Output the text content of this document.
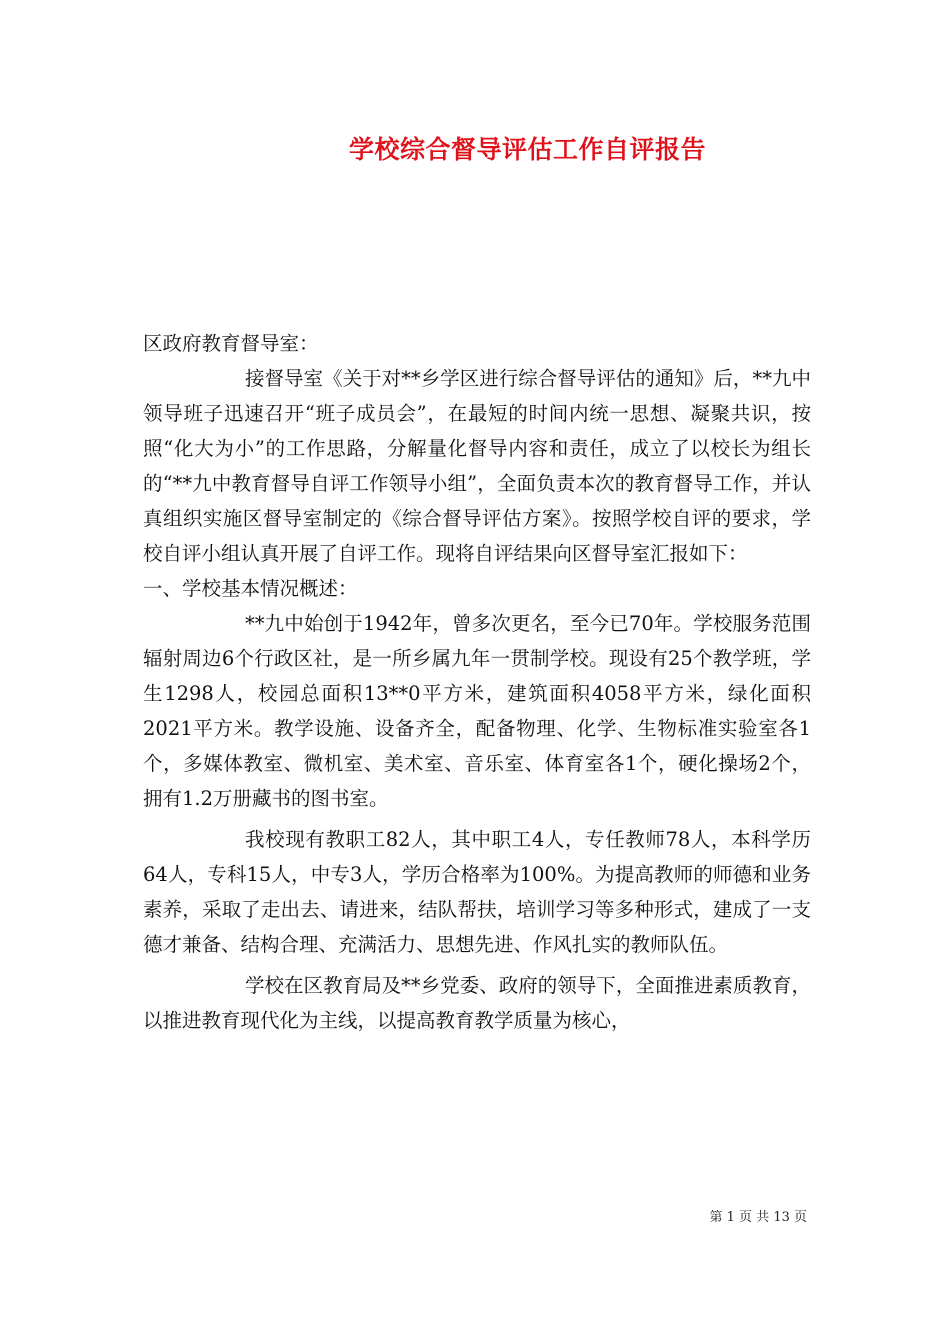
学校综合督导评估工作自评报告

区政府教育督导室：

接督导室《关于对**乡学区进行综合督导评估的通知》后，**九中领导班子迅速召开“班子成员会”，在最短的时间内统一思想、凝聚共识，按照“化大为小”的工作思路，分解量化督导内容和责任，成立了以校长为组长的“**九中教育督导自评工作领导小组”，全面负责本次的教育督导工作，并认真组织实施区督导室制定的《综合督导评估方案》。按照学校自评的要求，学校自评小组认真开展了自评工作。现将自评结果向区督导室汇报如下：

一、学校基本情况概述：

**九中始创于1942年，曾多次更名，至今已70年。学校服务范围辐射周边6个行政区社，是一所乡属九年一贯制学校。现设有25个教学班，学生1298人，校园总面积13**0平方米，建筑面积4058平方米，绿化面积2021平方米。教学设施、设备齐全，配备物理、化学、生物标准实验室各1个，多媒体教室、微机室、美术室、音乐室、体育室各1个，硬化操场2个，拥有1.2万册藏书的图书室。

我校现有教职工82人，其中职工4人，专任教师78人，本科学历64人，专科15人，中专3人，学历合格率为100%。为提高教师的师德和业务素养，采取了走出去、请进来，结队帮扶，培训学习等多种形式，建成了一支德才兼备、结构合理、充满活力、思想先进、作风扎实的教师队伍。

学校在区教育局及**乡党委、政府的领导下，全面推进素质教育，以推进教育现代化为主线，以提高教育教学质量为核心，

第 1 页 共 13 页
